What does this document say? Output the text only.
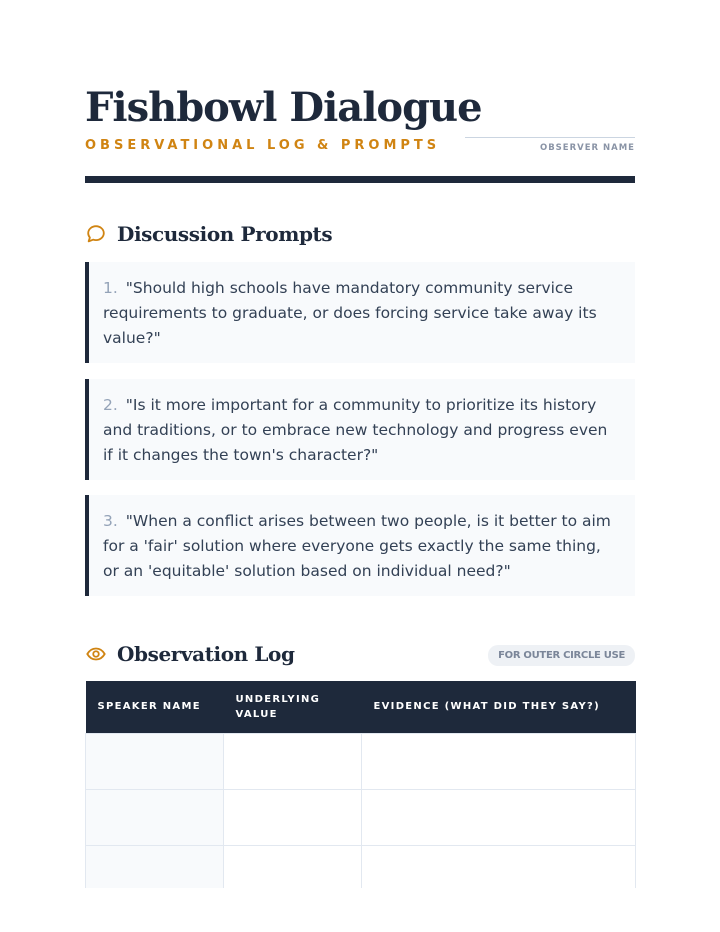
Fishbowl Dialogue
OBSERVATIONAL LOG & PROMPTS	OBSERVER NAME
Discussion Prompts
1. "Should high schools have mandatory community service requirements to graduate, or does forcing service take away its value?"
2. "Is it more important for a community to prioritize its history and traditions, or to embrace new technology and progress even if it changes the town's character?"
3. "When a conflict arises between two people, is it better to aim for a 'fair' solution where everyone gets exactly the same thing, or an 'equitable' solution based on individual need?"
Observation Log	FOR OUTER CIRCLE USE
SPEAKER NAME	UNDERLYING VALUE	EVIDENCE (WHAT DID THEY SAY?)
